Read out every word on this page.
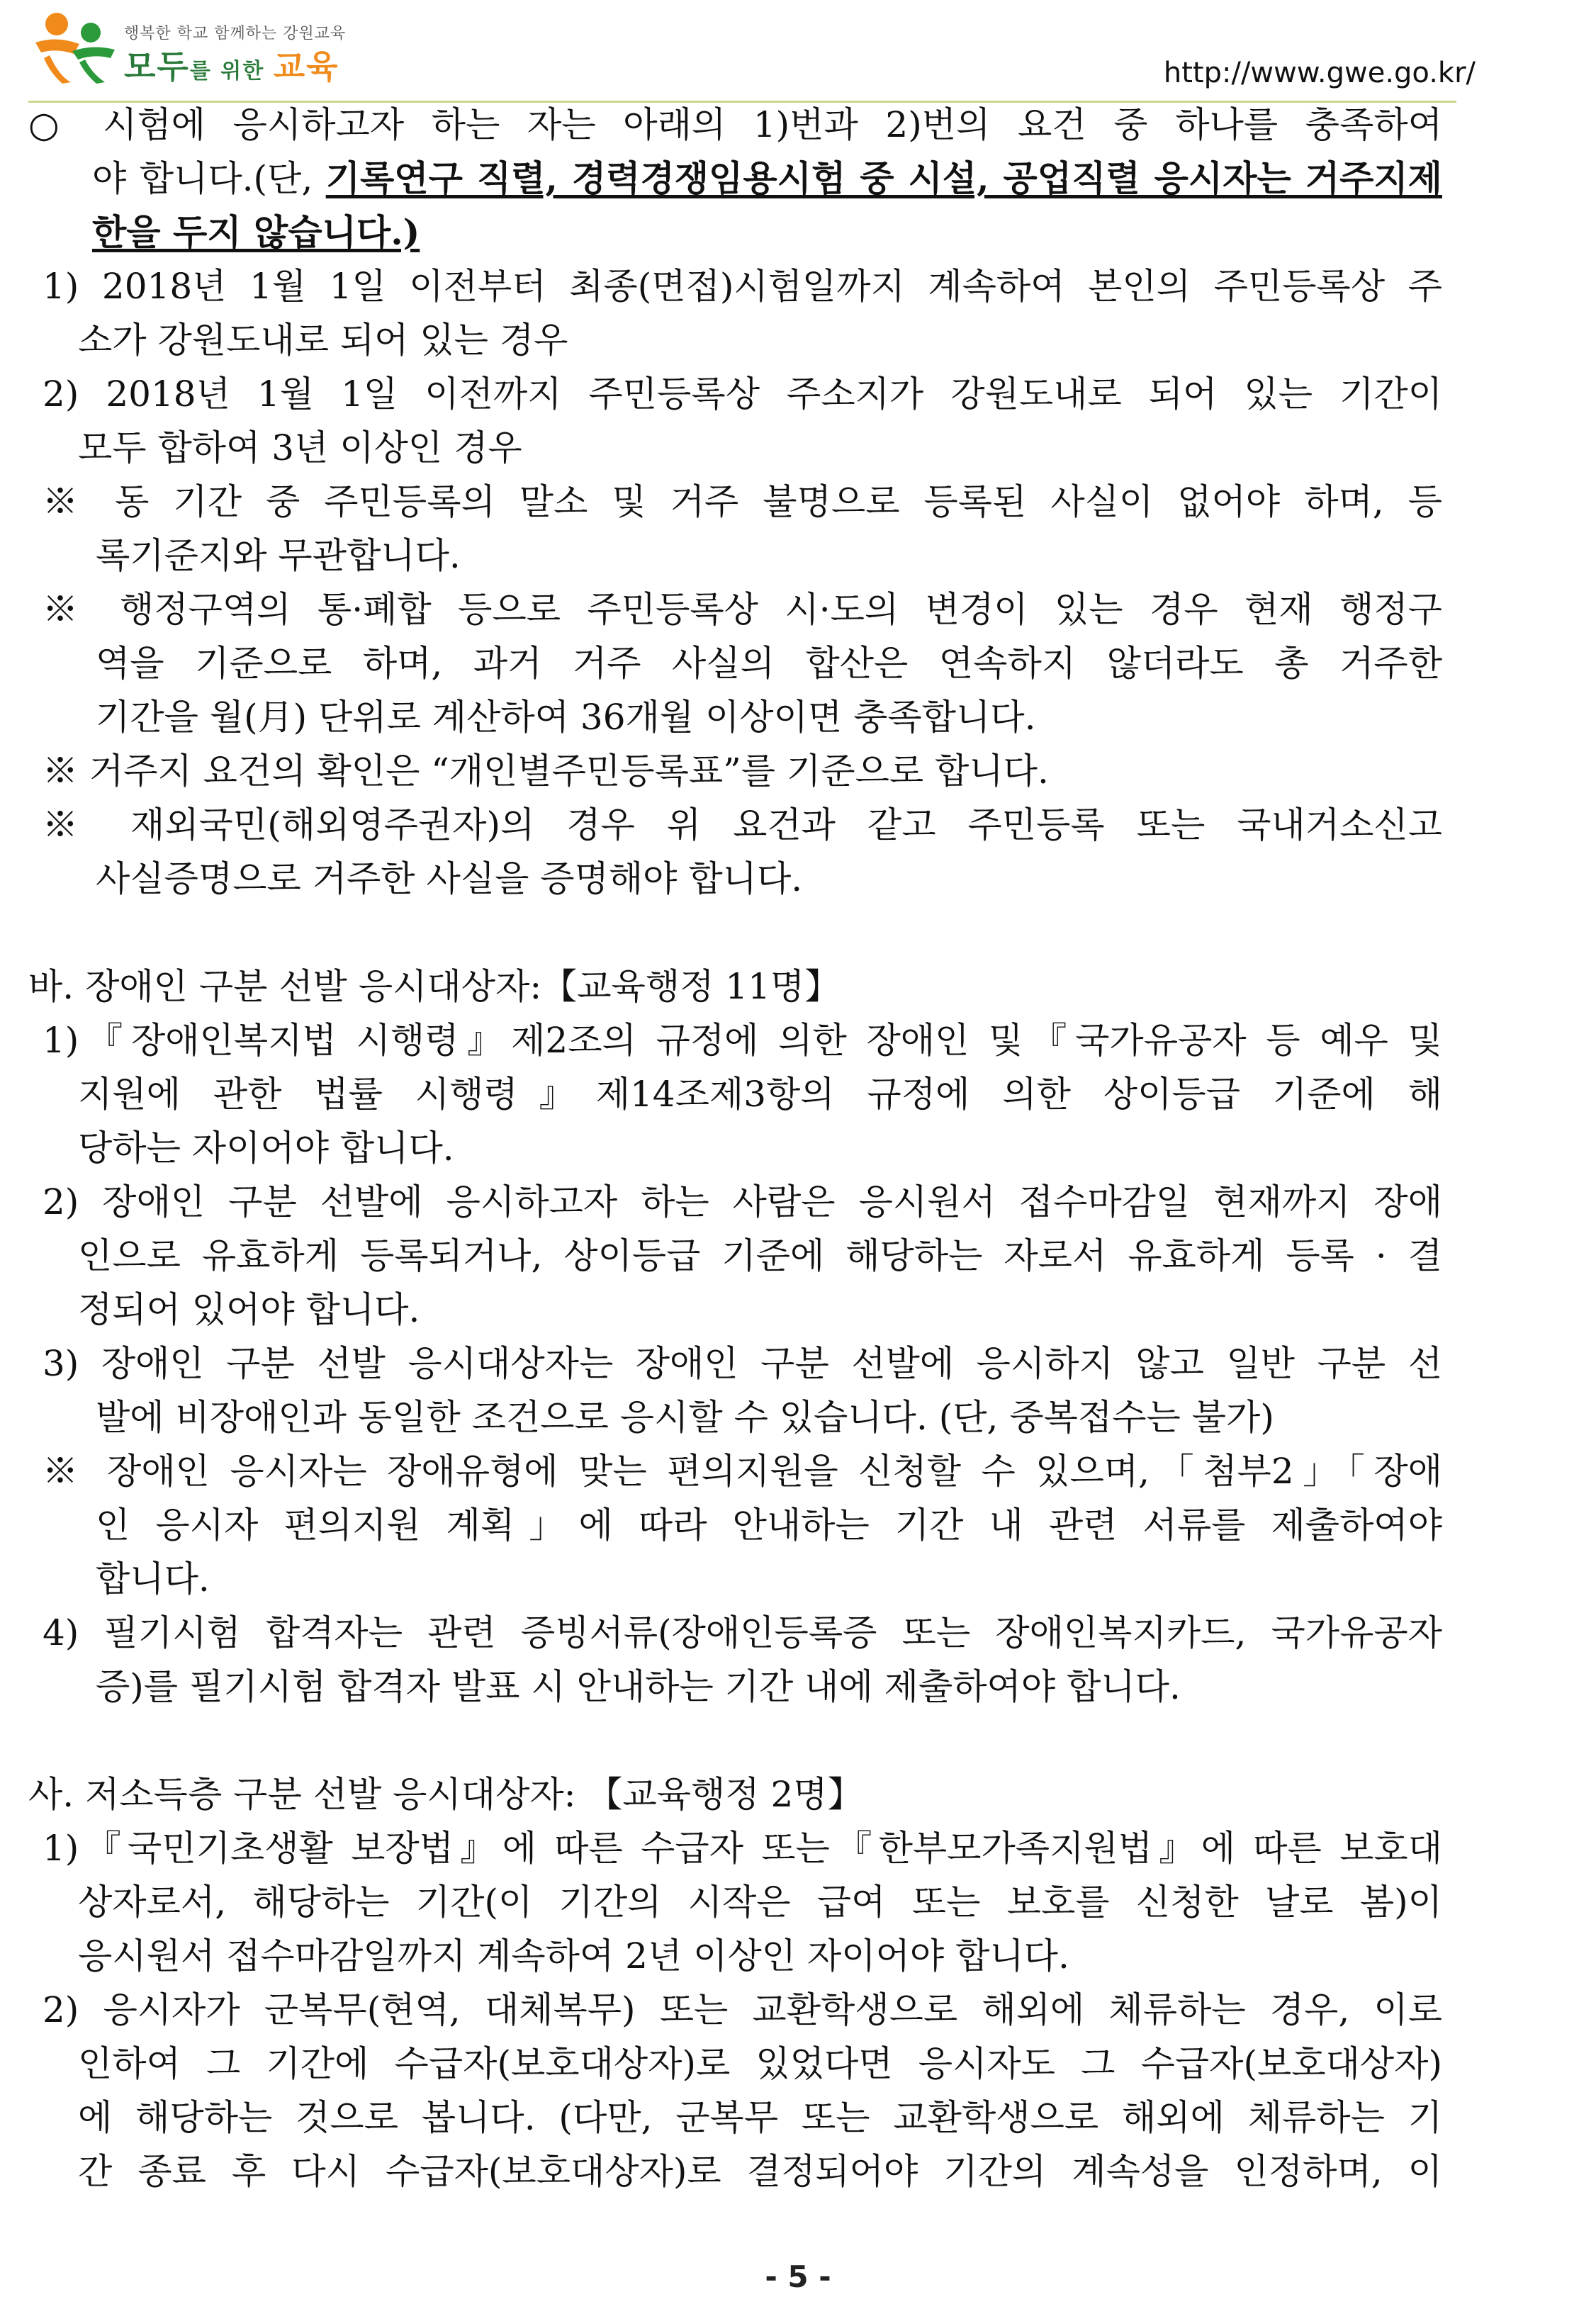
행복한 학교 함께하는 강원교육
모두를 위한 교육	http://www.gwe.go.kr/
○ 시험에 응시하고자 하는 자는 아래의 1)번과 2)번의 요건 중 하나를 충족하여
야 합니다.(단, 기록연구 직렬, 경력경쟁임용시험 중 시설, 공업직렬 응시자는 거주지제
한을 두지 않습니다.)
1) 2018년 1월 1일 이전부터 최종(면접)시험일까지 계속하여 본인의 주민등록상 주
소가 강원도내로 되어 있는 경우
2) 2018년 1월 1일 이전까지 주민등록상 주소지가 강원도내로 되어 있는 기간이
모두 합하여 3년 이상인 경우
※ 동 기간 중 주민등록의 말소 및 거주 불명으로 등록된 사실이 없어야 하며, 등
록기준지와 무관합니다.
※ 행정구역의 통·폐합 등으로 주민등록상 시·도의 변경이 있는 경우 현재 행정구
역을 기준으로 하며, 과거 거주 사실의 합산은 연속하지 않더라도 총 거주한
기간을 월(月) 단위로 계산하여 36개월 이상이면 충족합니다.
※ 거주지 요건의 확인은 “개인별주민등록표”를 기준으로 합니다.
※ 재외국민(해외영주권자)의 경우 위 요건과 같고 주민등록 또는 국내거소신고
사실증명으로 거주한 사실을 증명해야 합니다.
바. 장애인 구분 선발 응시대상자:【교육행정 11명】
1)『장애인복지법 시행령』제2조의 규정에 의한 장애인 및『국가유공자 등 예우 및
지원에 관한 법률 시행령』제14조제3항의 규정에 의한 상이등급 기준에 해
당하는 자이어야 합니다.
2) 장애인 구분 선발에 응시하고자 하는 사람은 응시원서 접수마감일 현재까지 장애
인으로 유효하게 등록되거나, 상이등급 기준에 해당하는 자로서 유효하게 등록 · 결
정되어 있어야 합니다.
3) 장애인 구분 선발 응시대상자는 장애인 구분 선발에 응시하지 않고 일반 구분 선
발에 비장애인과 동일한 조건으로 응시할 수 있습니다. (단, 중복접수는 불가)
※ 장애인 응시자는 장애유형에 맞는 편의지원을 신청할 수 있으며,「첨부2」「장애
인 응시자 편의지원 계획」에 따라 안내하는 기간 내 관련 서류를 제출하여야
합니다.
4) 필기시험 합격자는 관련 증빙서류(장애인등록증 또는 장애인복지카드, 국가유공자
증)를 필기시험 합격자 발표 시 안내하는 기간 내에 제출하여야 합니다.
사. 저소득층 구분 선발 응시대상자: 【교육행정 2명】
1)『국민기초생활 보장법』에 따른 수급자 또는『한부모가족지원법』에 따른 보호대
상자로서, 해당하는 기간(이 기간의 시작은 급여 또는 보호를 신청한 날로 봄)이
응시원서 접수마감일까지 계속하여 2년 이상인 자이어야 합니다.
2) 응시자가 군복무(현역, 대체복무) 또는 교환학생으로 해외에 체류하는 경우, 이로
인하여 그 기간에 수급자(보호대상자)로 있었다면 응시자도 그 수급자(보호대상자)
에 해당하는 것으로 봅니다. (다만, 군복무 또는 교환학생으로 해외에 체류하는 기
간 종료 후 다시 수급자(보호대상자)로 결정되어야 기간의 계속성을 인정하며, 이
- 5 -
